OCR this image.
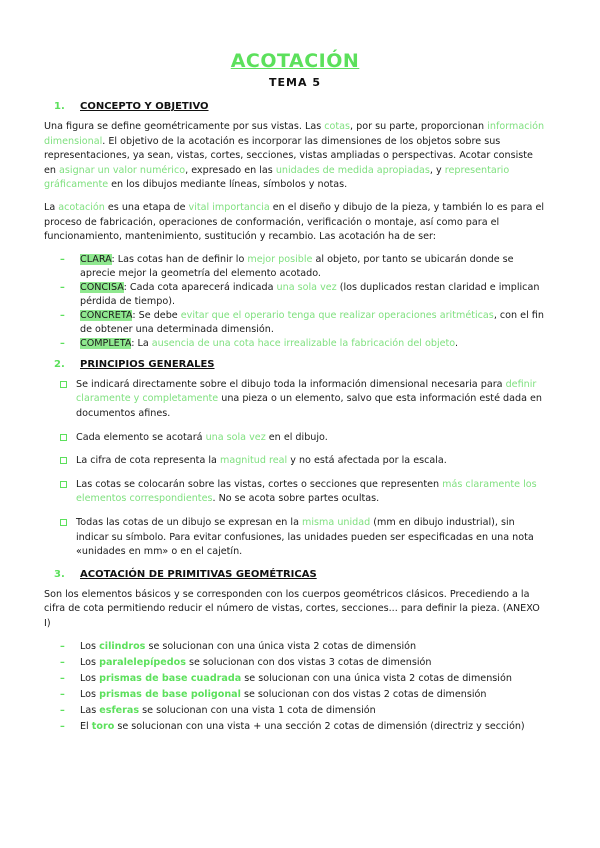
ACOTACIÓN
TEMA 5
1.	CONCEPTO Y OBJETIVO

Una figura se define geométricamente por sus vistas. Las cotas, por su parte, proporcionan información dimensional. El objetivo de la acotación es incorporar las dimensiones de los objetos sobre sus representaciones, ya sean, vistas, cortes, secciones, vistas ampliadas o perspectivas. Acotar consiste en asignar un valor numérico, expresado en las unidades de medida apropiadas, y representario gráficamente en los dibujos mediante líneas, símbolos y notas.

La acotación es una etapa de vital importancia en el diseño y dibujo de la pieza, y también lo es para el proceso de fabricación, operaciones de conformación, verificación o montaje, así como para el funcionamiento, mantenimiento, sustitución y recambio. Las acotación ha de ser:

– CLARA: Las cotas han de definir lo mejor posible al objeto, por tanto se ubicarán donde se aprecie mejor la geometría del elemento acotado.
– CONCISA: Cada cota aparecerá indicada una sola vez (los duplicados restan claridad e implican pérdida de tiempo).
– CONCRETA: Se debe evitar que el operario tenga que realizar operaciones aritméticas, con el fin de obtener una determinada dimensión.
– COMPLETA: La ausencia de una cota hace irrealizable la fabricación del objeto.
2.	PRINCIPIOS GENERALES
Se indicará directamente sobre el dibujo toda la información dimensional necesaria para definir claramente y completamente una pieza o un elemento, salvo que esta información esté dada en documentos afines.
Cada elemento se acotará una sola vez en el dibujo.
La cifra de cota representa la magnitud real y no está afectada por la escala.
Las cotas se colocarán sobre las vistas, cortes o secciones que representen más claramente los elementos correspondientes. No se acota sobre partes ocultas.
Todas las cotas de un dibujo se expresan en la misma unidad (mm en dibujo industrial), sin indicar su símbolo. Para evitar confusiones, las unidades pueden ser especificadas en una nota «unidades en mm» o en el cajetín.
3.	ACOTACIÓN DE PRIMITIVAS GEOMÉTRICAS

Son los elementos básicos y se corresponden con los cuerpos geométricos clásicos. Precediendo a la cifra de cota permitiendo reducir el número de vistas, cortes, secciones... para definir la pieza. (ANEXO I)

– Los cilindros se solucionan con una única vista 2 cotas de dimensión
– Los paralelepípedos se solucionan con dos vistas 3 cotas de dimensión
– Los prismas de base cuadrada se solucionan con una única vista 2 cotas de dimensión
– Los prismas de base poligonal se solucionan con dos vistas 2 cotas de dimensión
– Las esferas se solucionan con una vista 1 cota de dimensión
– El toro se solucionan con una vista + una sección 2 cotas de dimensión (directriz y sección)
